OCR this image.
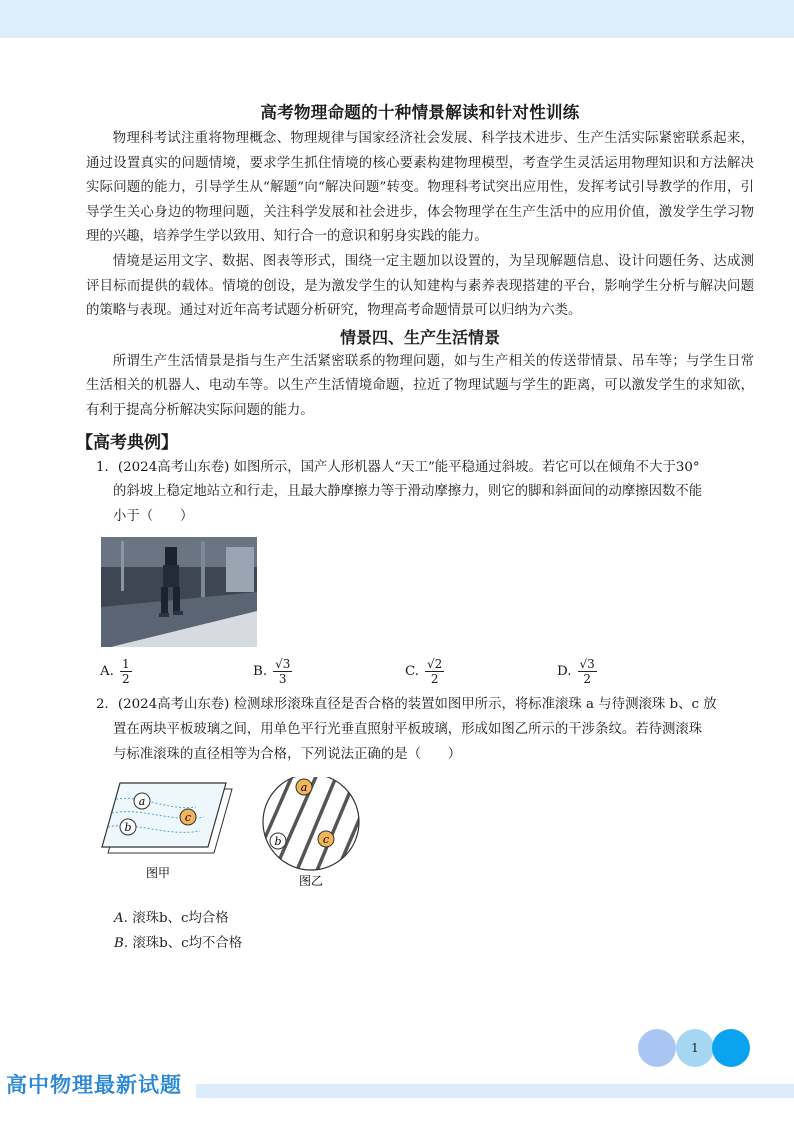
高考物理命题的十种情景解读和针对性训练

物理科考试注重将物理概念、物理规律与国家经济社会发展、科学技术进步、生产生活实际紧密联系起来，通过设置真实的问题情境，要求学生抓住情境的核心要素构建物理模型，考查学生灵活运用物理知识和方法解决实际问题的能力，引导学生从“解题”向“解决问题”转变。物理科考试突出应用性，发挥考试引导教学的作用，引导学生关心身边的物理问题，关注科学发展和社会进步，体会物理学在生产生活中的应用价值，激发学生学习物理的兴趣，培养学生学以致用、知行合一的意识和躬身实践的能力。

情境是运用文字、数据、图表等形式，围绕一定主题加以设置的，为呈现解题信息、设计问题任务、达成测评目标而提供的载体。情境的创设，是为激发学生的认知建构与素养表现搭建的平台，影响学生分析与解决问题的策略与表现。通过对近年高考试题分析研究，物理高考命题情景可以归纳为六类。

情景四、生产生活情景

所谓生产生活情景是指与生产生活紧密联系的物理问题，如与生产相关的传送带情景、吊车等；与学生日常生活相关的机器人、电动车等。以生产生活情境命题，拉近了物理试题与学生的距离，可以激发学生的求知欲，有利于提高分析解决实际问题的能力。

【高考典例】
1．(2024高考山东卷) 如图所示，国产人形机器人“天工”能平稳通过斜坡。若它可以在倾角不大于30°
的斜坡上稳定地站立和行走，且最大静摩擦力等于滑动摩擦力，则它的脚和斜面间的动摩擦因数不能
小于（　　）
A. $\frac{1}{2}$	B. $\frac{√3}{3}$	C. $\frac{√2}{2}$	D. $\frac{√3}{2}$
2．(2024高考山东卷) 检测球形滚珠直径是否合格的装置如图甲所示，将标准滚珠 a 与待测滚珠 b、c 放
置在两块平板玻璃之间，用单色平行光垂直照射平板玻璃，形成如图乙所示的干涉条纹。若待测滚珠
与标准滚珠的直径相等为合格，下列说法正确的是（　　）
a
b
c
图甲
a
b	c
图乙
A. 滚珠b、c均合格
B. 滚珠b、c均不合格
1
高中物理最新试题
